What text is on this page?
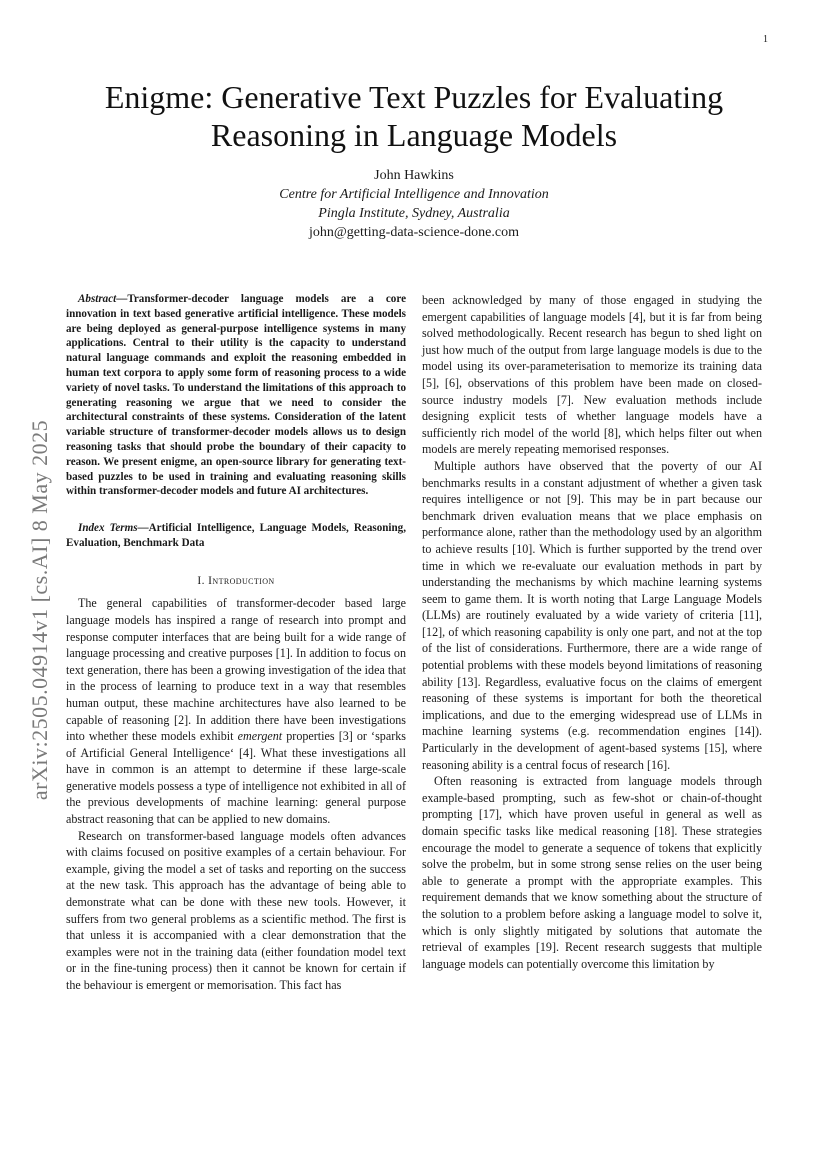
1
arXiv:2505.04914v1 [cs.AI] 8 May 2025
Enigme: Generative Text Puzzles for Evaluating Reasoning in Language Models
John Hawkins
Centre for Artificial Intelligence and Innovation
Pingla Institute, Sydney, Australia
john@getting-data-science-done.com

Abstract—Transformer-decoder language models are a core innovation in text based generative artificial intelligence. These models are being deployed as general-purpose intelligence systems in many applications. Central to their utility is the capacity to understand natural language commands and exploit the reasoning embedded in human text corpora to apply some form of reasoning process to a wide variety of novel tasks. To understand the limitations of this approach to generating reasoning we argue that we need to consider the architectural constraints of these systems. Consideration of the latent variable structure of transformer-decoder models allows us to design reasoning tasks that should probe the boundary of their capacity to reason. We present enigme, an open-source library for generating text-based puzzles to be used in training and evaluating reasoning skills within transformer-decoder models and future AI architectures.

Index Terms—Artificial Intelligence, Language Models, Reasoning, Evaluation, Benchmark Data

I. Introduction

The general capabilities of transformer-decoder based large language models has inspired a range of research into prompt and response computer interfaces that are being built for a wide range of language processing and creative purposes [1]. In addition to focus on text generation, there has been a growing investigation of the idea that in the process of learning to produce text in a way that resembles human output, these machine architectures have also learned to be capable of reasoning [2]. In addition there have been investigations into whether these models exhibit emergent properties [3] or ‘sparks of Artificial General Intelligence‘ [4]. What these investigations all have in common is an attempt to determine if these large-scale generative models possess a type of intelligence not exhibited in all of the previous developments of machine learning: general purpose abstract reasoning that can be applied to new domains.

Research on transformer-based language models often advances with claims focused on positive examples of a certain behaviour. For example, giving the model a set of tasks and reporting on the success at the new task. This approach has the advantage of being able to demonstrate what can be done with these new tools. However, it suffers from two general problems as a scientific method. The first is that unless it is accompanied with a clear demonstration that the examples were not in the training data (either foundation model text or in the fine-tuning process) then it cannot be known for certain if the behaviour is emergent or memorisation. This fact has

been acknowledged by many of those engaged in studying the emergent capabilities of language models [4], but it is far from being solved methodologically. Recent research has begun to shed light on just how much of the output from large language models is due to the model using its over-parameterisation to memorize its training data [5], [6], observations of this problem have been made on closed-source industry models [7]. New evaluation methods include designing explicit tests of whether language models have a sufficiently rich model of the world [8], which helps filter out when models are merely repeating memorised responses.

Multiple authors have observed that the poverty of our AI benchmarks results in a constant adjustment of whether a given task requires intelligence or not [9]. This may be in part because our benchmark driven evaluation means that we place emphasis on performance alone, rather than the methodology used by an algorithm to achieve results [10]. Which is further supported by the trend over time in which we re-evaluate our evaluation methods in part by understanding the mechanisms by which machine learning systems seem to game them. It is worth noting that Large Language Models (LLMs) are routinely evaluated by a wide variety of criteria [11], [12], of which reasoning capability is only one part, and not at the top of the list of considerations. Furthermore, there are a wide range of potential problems with these models beyond limitations of reasoning ability [13]. Regardless, evaluative focus on the claims of emergent reasoning of these systems is important for both the theoretical implications, and due to the emerging widespread use of LLMs in machine learning systems (e.g. recommendation engines [14]). Particularly in the development of agent-based systems [15], where reasoning ability is a central focus of research [16].

Often reasoning is extracted from language models through example-based prompting, such as few-shot or chain-of-thought prompting [17], which have proven useful in general as well as domain specific tasks like medical reasoning [18]. These strategies encourage the model to generate a sequence of tokens that explicitly solve the probelm, but in some strong sense relies on the user being able to generate a prompt with the appropriate examples. This requirement demands that we know something about the structure of the solution to a problem before asking a language model to solve it, which is only slightly mitigated by solutions that automate the retrieval of examples [19]. Recent research suggests that multiple language models can potentially overcome this limitation by
